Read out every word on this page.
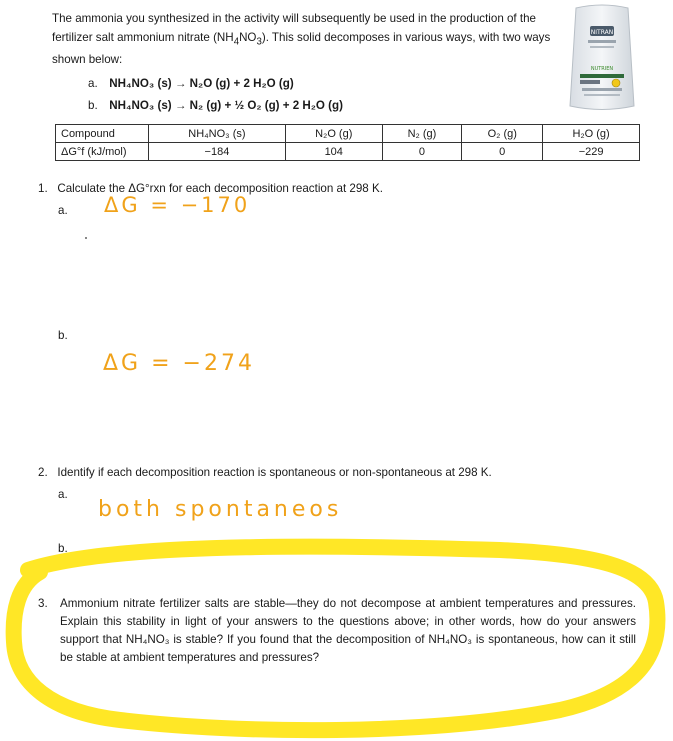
The ammonia you synthesized in the activity will subsequently be used in the production of the fertilizer salt ammonium nitrate $(NH_4NO_3)$. This solid decomposes in various ways, with two ways shown below:
NITRAN
NUTRIEN
a. NH₄NO₃ (s) → N₂O (g) + 2 H₂O (g)
b. NH₄NO₃ (s) → N₂ (g) + ½ O₂ (g) + 2 H₂O (g)
Compound	NH₄NO₃ (s)	N₂O (g)	N₂ (g)	O₂ (g)	H₂O (g)
ΔG°f (kJ/mol)	−184	104	0	0	−229
1. Calculate the ΔG°rxn for each decomposition reaction at 298 K.
a. ΔG = −170
b.
ΔG = −274
2. Identify if each decomposition reaction is spontaneous or non-spontaneous at 298 K.
a.
both spontaneos
b.
3. Ammonium nitrate fertilizer salts are stable—they do not decompose at ambient temperatures and pressures. Explain this stability in light of your answers to the questions above; in other words, how do your answers support that NH₄NO₃ is stable? If you found that the decomposition of NH₄NO₃ is spontaneous, how can it still be stable at ambient temperatures and pressures?
